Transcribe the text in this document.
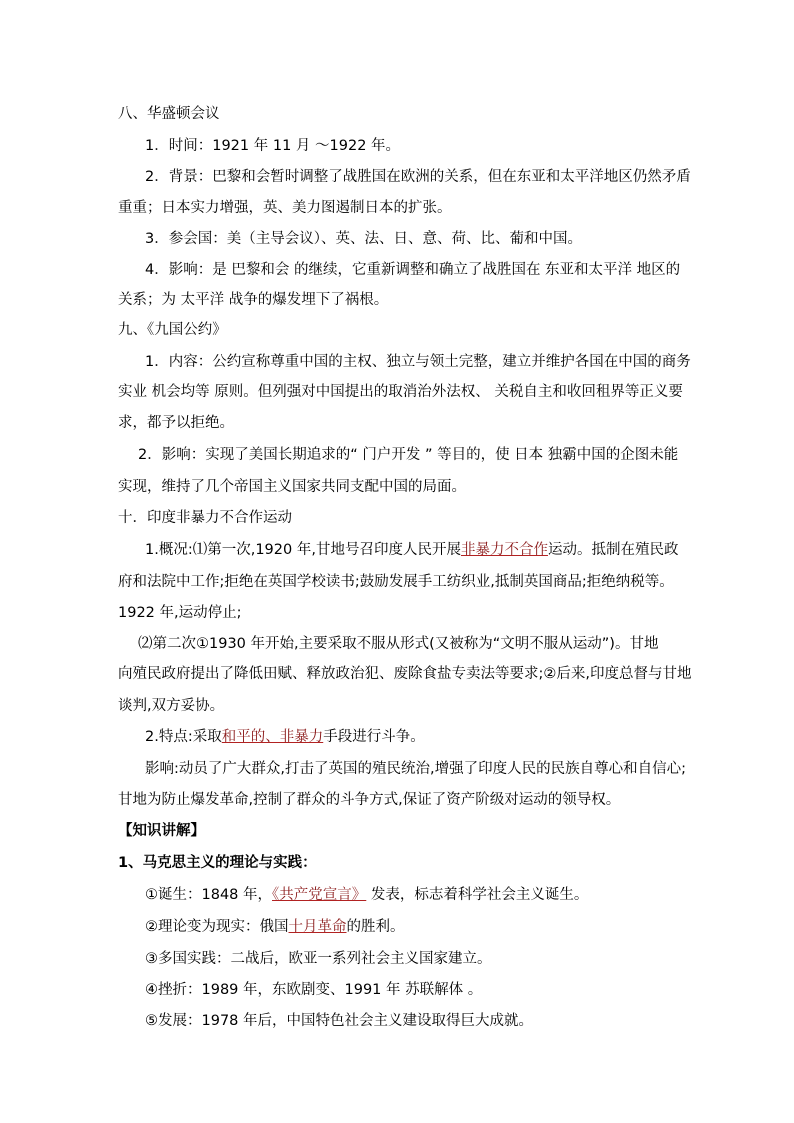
八、华盛顿会议
1．时间：1921 年 11 月 ～1922 年。
2．背景：巴黎和会暂时调整了战胜国在欧洲的关系，但在东亚和太平洋地区仍然矛盾
重重；日本实力增强，英、美力图遏制日本的扩张。
3．参会国：美（主导会议）、英、法、日、意、荷、比、葡和中国。
4．影响：是 巴黎和会 的继续，它重新调整和确立了战胜国在 东亚和太平洋 地区的
关系；为 太平洋 战争的爆发埋下了祸根。
九、《九国公约》
1．内容：公约宣称尊重中国的主权、独立与领土完整，建立并维护各国在中国的商务
实业 机会均等 原则。但列强对中国提出的取消治外法权、 关税自主和收回租界等正义要
求，都予以拒绝。
2．影响：实现了美国长期追求的“ 门户开发 ” 等目的，使 日本 独霸中国的企图未能
实现，维持了几个帝国主义国家共同支配中国的局面。
十．印度非暴力不合作运动
1.概况:⑴第一次,1920 年,甘地号召印度人民开展非暴力不合作运动。抵制在殖民政
府和法院中工作;拒绝在英国学校读书;鼓励发展手工纺织业,抵制英国商品;拒绝纳税等。
1922 年,运动停止;
⑵第二次①1930 年开始,主要采取不服从形式(又被称为“文明不服从运动”)。甘地
向殖民政府提出了降低田赋、释放政治犯、废除食盐专卖法等要求;②后来,印度总督与甘地
谈判,双方妥协。
2.特点:采取和平的、非暴力手段进行斗争。
影响:动员了广大群众,打击了英国的殖民统治,增强了印度人民的民族自尊心和自信心;
甘地为防止爆发革命,控制了群众的斗争方式,保证了资产阶级对运动的领导权。
【知识讲解】
1、马克思主义的理论与实践：
①诞生：1848 年，《共产党宣言》 发表，标志着科学社会主义诞生。
②理论变为现实：俄国十月革命的胜利。
③多国实践：二战后，欧亚一系列社会主义国家建立。
④挫折：1989 年，东欧剧变、1991 年 苏联解体 。
⑤发展：1978 年后，中国特色社会主义建设取得巨大成就。
